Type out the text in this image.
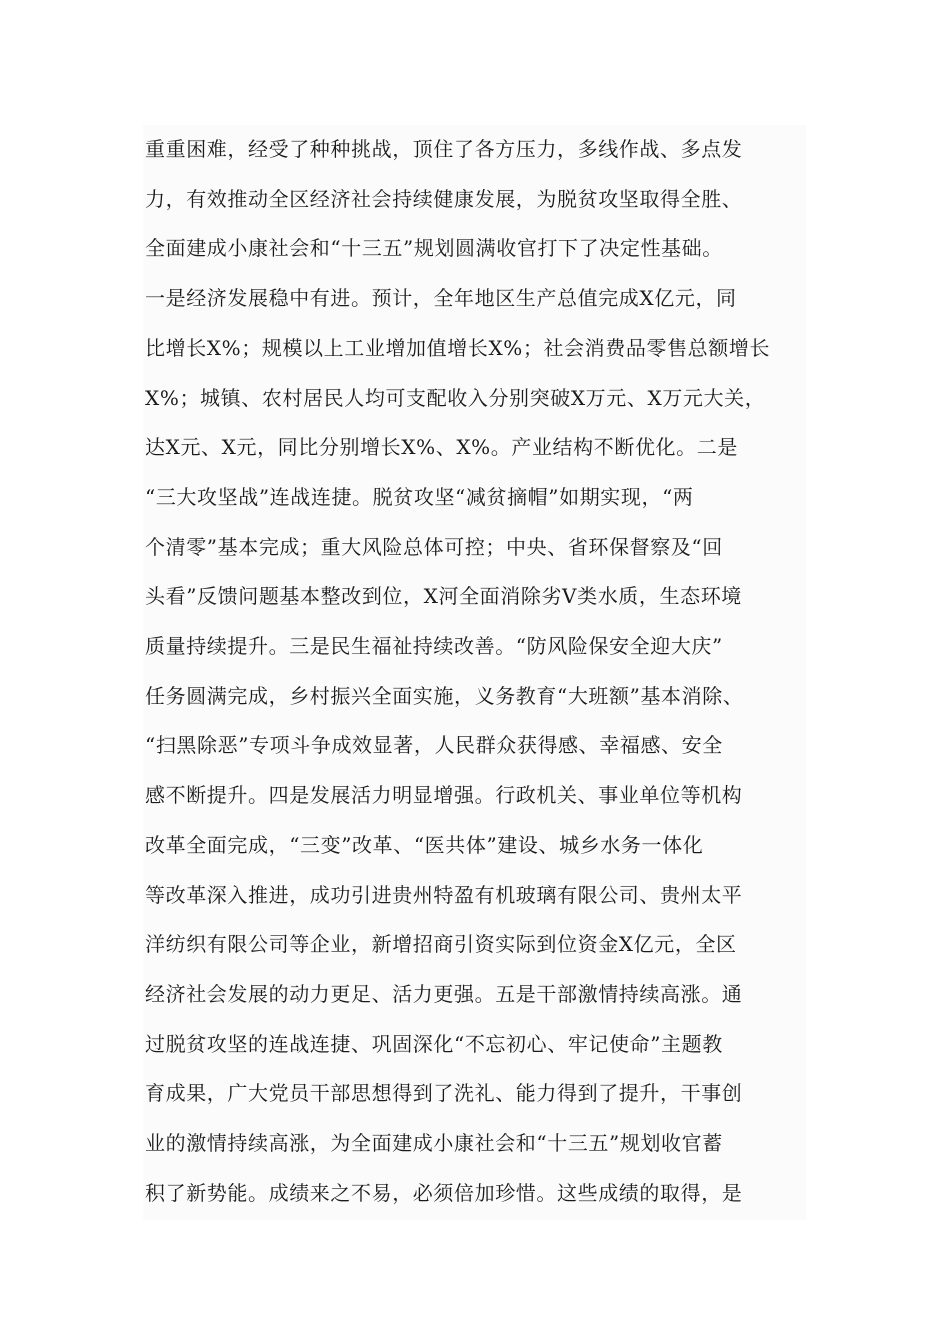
重重困难，经受了种种挑战，顶住了各方压力，多线作战、多点发
力，有效推动全区经济社会持续健康发展，为脱贫攻坚取得全胜、
全面建成小康社会和“十三五”规划圆满收官打下了决定性基础。
一是经济发展稳中有进。预计，全年地区生产总值完成X亿元，同
比增长X%；规模以上工业增加值增长X%；社会消费品零售总额增长
X%；城镇、农村居民人均可支配收入分别突破X万元、X万元大关，
达X元、X元，同比分别增长X%、X%。产业结构不断优化。二是
“三大攻坚战”连战连捷。脱贫攻坚“减贫摘帽”如期实现，“两
个清零”基本完成；重大风险总体可控；中央、省环保督察及“回
头看”反馈问题基本整改到位，X河全面消除劣V类水质，生态环境
质量持续提升。三是民生福祉持续改善。“防风险保安全迎大庆”
任务圆满完成，乡村振兴全面实施，义务教育“大班额”基本消除、
“扫黑除恶”专项斗争成效显著，人民群众获得感、幸福感、安全
感不断提升。四是发展活力明显增强。行政机关、事业单位等机构
改革全面完成，“三变”改革、“医共体”建设、城乡水务一体化
等改革深入推进，成功引进贵州特盈有机玻璃有限公司、贵州太平
洋纺织有限公司等企业，新增招商引资实际到位资金X亿元，全区
经济社会发展的动力更足、活力更强。五是干部激情持续高涨。通
过脱贫攻坚的连战连捷、巩固深化“不忘初心、牢记使命”主题教
育成果，广大党员干部思想得到了洗礼、能力得到了提升，干事创
业的激情持续高涨，为全面建成小康社会和“十三五”规划收官蓄
积了新势能。成绩来之不易，必须倍加珍惜。这些成绩的取得，是
